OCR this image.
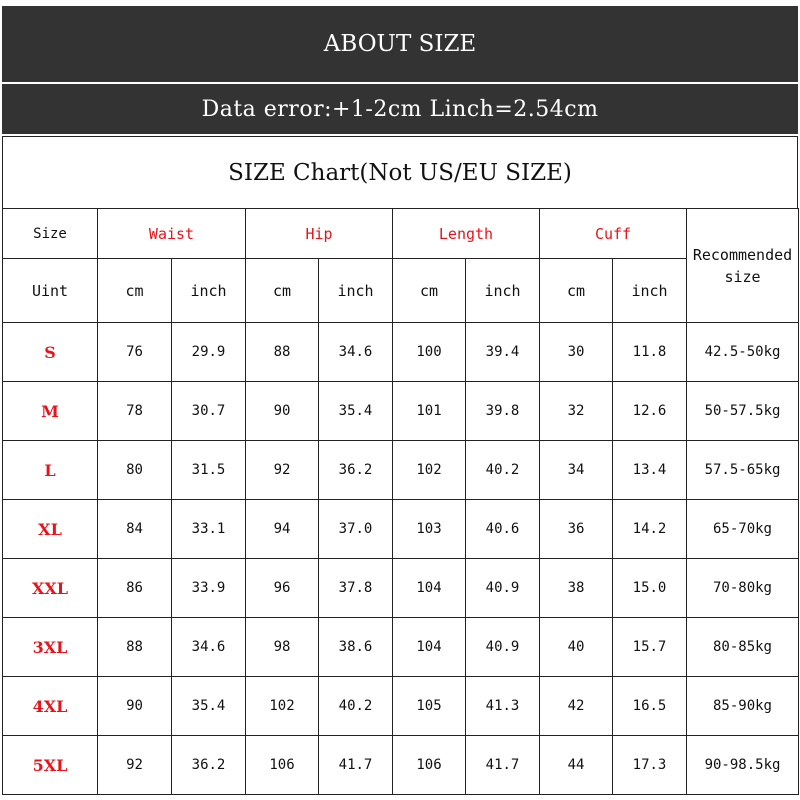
ABOUT SIZE
Data error:+1-2cm Linch=2.54cm
SIZE Chart(Not US/EU SIZE)
Size	Waist		Hip		Length		Cuff		Recommended size
Uint	cm	inch	cm	inch	cm	inch	cm	inch	
S	76	29.9	88	34.6	100	39.4	30	11.8	42.5-50kg
M	78	30.7	90	35.4	101	39.8	32	12.6	50-57.5kg
L	80	31.5	92	36.2	102	40.2	34	13.4	57.5-65kg
XL	84	33.1	94	37.0	103	40.6	36	14.2	65-70kg
XXL	86	33.9	96	37.8	104	40.9	38	15.0	70-80kg
3XL	88	34.6	98	38.6	104	40.9	40	15.7	80-85kg
4XL	90	35.4	102	40.2	105	41.3	42	16.5	85-90kg
5XL	92	36.2	106	41.7	106	41.7	44	17.3	90-98.5kg
